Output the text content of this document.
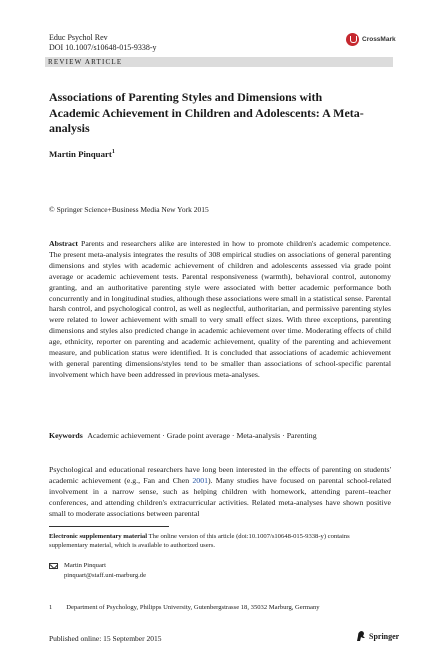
Educ Psychol Rev
DOI 10.1007/s10648-015-9338-y
CrossMark
REVIEW ARTICLE
Associations of Parenting Styles and Dimensions with Academic Achievement in Children and Adolescents: A Meta-analysis
Martin Pinquart$^1$
© Springer Science+Business Media New York 2015

Abstract Parents and researchers alike are interested in how to promote children's academic competence. The present meta-analysis integrates the results of 308 empirical studies on associations of general parenting dimensions and styles with academic achievement of children and adolescents assessed via grade point average or academic achievement tests. Parental responsiveness (warmth), behavioral control, autonomy granting, and an authoritative parenting style were associated with better academic performance both concurrently and in longitudinal studies, although these associations were small in a statistical sense. Parental harsh control, and psychological control, as well as neglectful, authoritarian, and permissive parenting styles were related to lower achievement with small to very small effect sizes. With three exceptions, parenting dimensions and styles also predicted change in academic achievement over time. Moderating effects of child age, ethnicity, reporter on parenting and academic achievement, quality of the parenting and achievement measure, and publication status were identified. It is concluded that associations of academic achievement with general parenting dimensions/styles tend to be smaller than associations of school-specific parental involvement which have been addressed in previous meta-analyses.

Keywords Academic achievement · Grade point average · Meta-analysis · Parenting

Psychological and educational researchers have long been interested in the effects of parenting on students' academic achievement (e.g., Fan and Chen 2001). Many studies have focused on parental school-related involvement in a narrow sense, such as helping children with homework, attending parent–teacher conferences, and attending children's extracurricular activities. Related meta-analyses have shown positive small to moderate associations between parental

Electronic supplementary material The online version of this article (doi:10.1007/s10648-015-9338-y) contains supplementary material, which is available to authorized users.

Martin Pinquart
pinquart@staff.uni-marburg.de
1 Department of Psychology, Philipps University, Gutenbergstrasse 18, 35032 Marburg, Germany
Published online: 15 September 2015	Springer
